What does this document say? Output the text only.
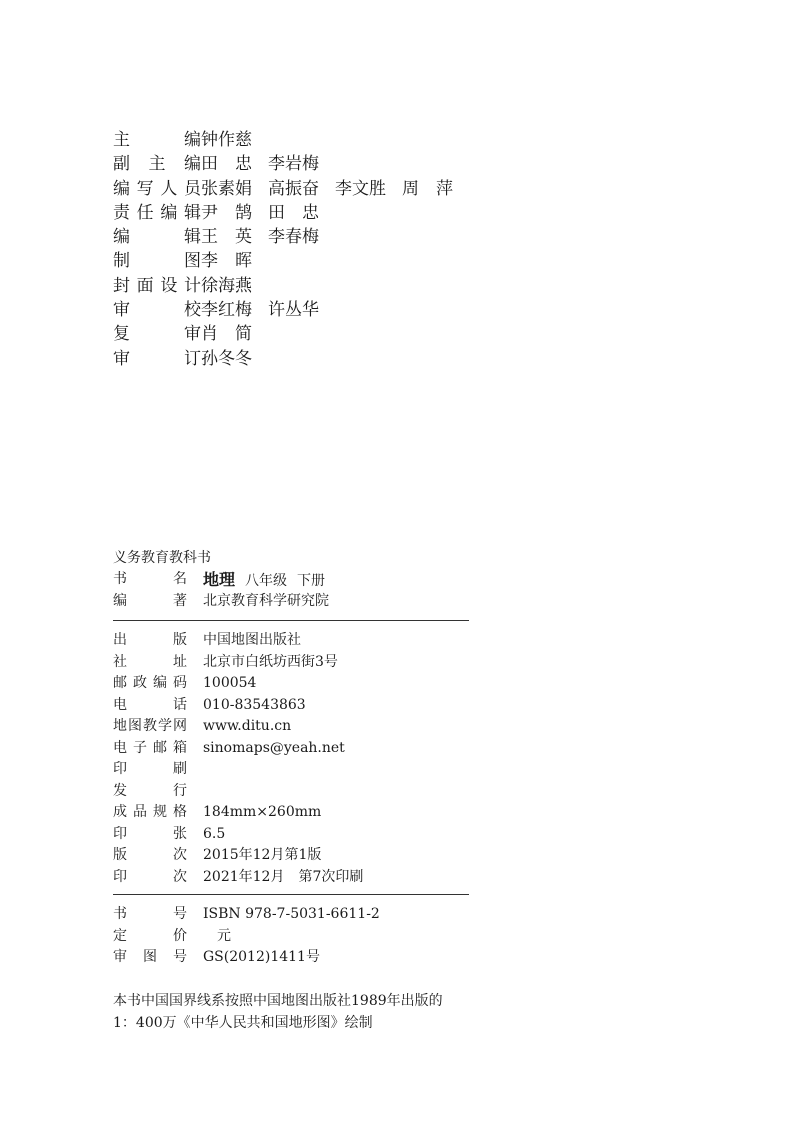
主编 钟作慈
副主编 田　忠 李岩梅
编写人员 张素娟 高振奋 李文胜 周　萍
责任编辑 尹　鹄 田　忠
编辑 王　英 李春梅
制图 李　晖
封面设计 徐海燕
审校 李红梅 许丛华
复审 肖　简
审订 孙冬冬
义务教育教科书
书名 地理 八年级 下册
编著 北京教育科学研究院
出版 中国地图出版社
社址 北京市白纸坊西街3号
邮政编码 100054
电话 010-83543863
地图教学网 www.ditu.cn
电子邮箱 sinomaps@yeah.net
印刷
发行
成品规格 184mm×260mm
印张 6.5
版次 2015年12月第1版
印次 2021年12月　第7次印刷
书号 ISBN 978-7-5031-6611-2
定价 　元
审图号 GS(2012)1411号
本书中国国界线系按照中国地图出版社1989年出版的
1：400万《中华人民共和国地形图》绘制
